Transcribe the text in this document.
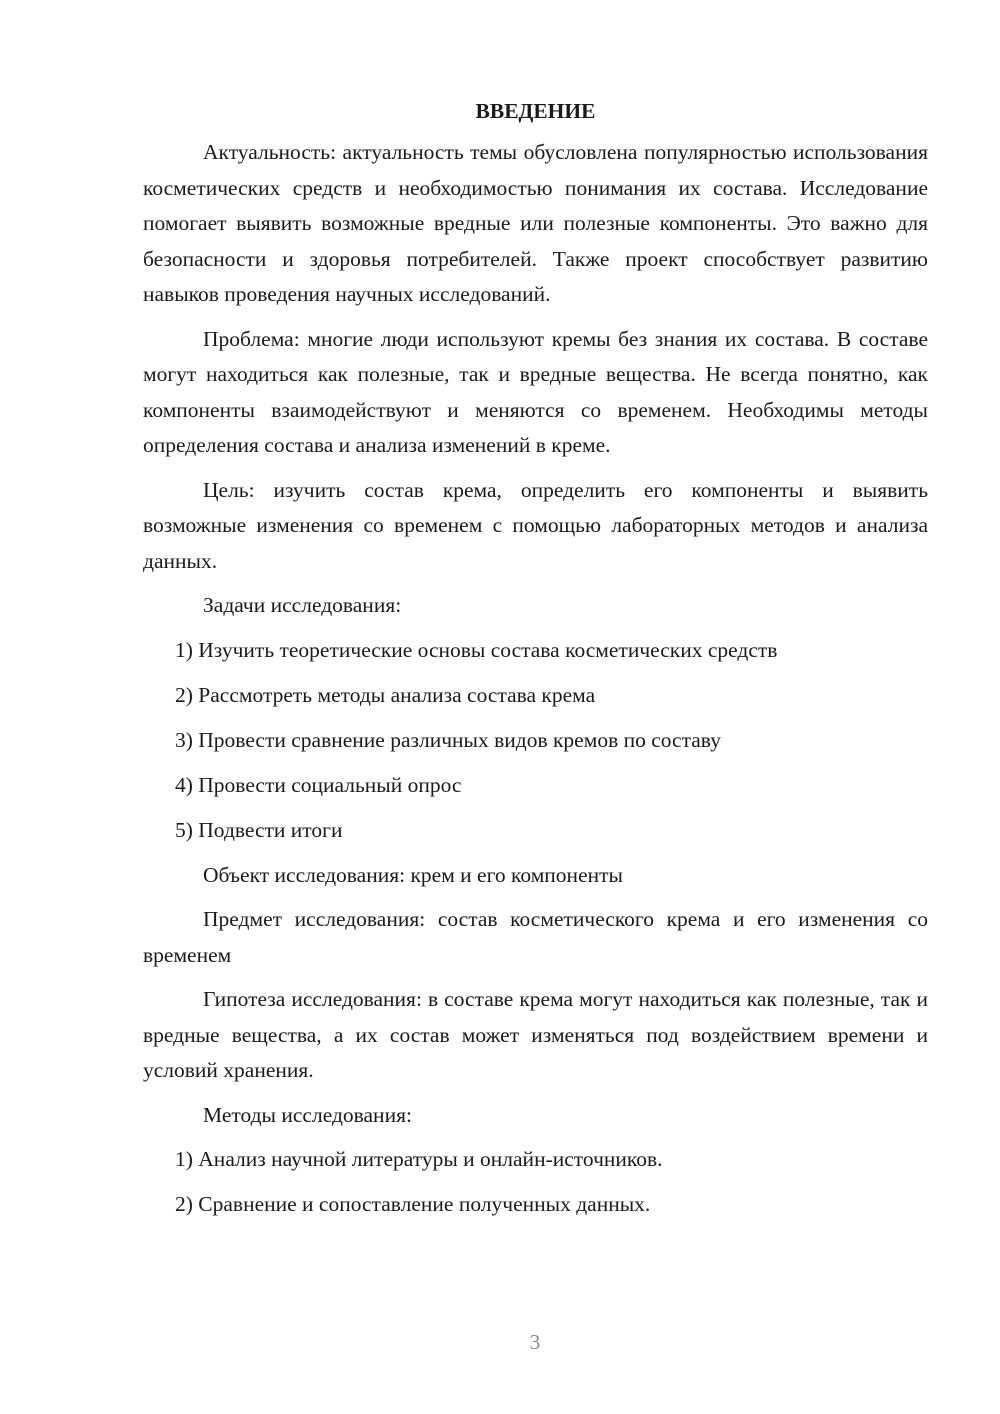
ВВЕДЕНИЕ

Актуальность: актуальность темы обусловлена популярностью использования косметических средств и необходимостью понимания их состава. Исследование помогает выявить возможные вредные или полезные компоненты. Это важно для безопасности и здоровья потребителей. Также проект способствует развитию навыков проведения научных исследований.

Проблема: многие люди используют кремы без знания их состава. В составе могут находиться как полезные, так и вредные вещества. Не всегда понятно, как компоненты взаимодействуют и меняются со временем. Необходимы методы определения состава и анализа изменений в креме.

Цель: изучить состав крема, определить его компоненты и выявить возможные изменения со временем с помощью лабораторных методов и анализа данных.

Задачи исследования:

1) Изучить теоретические основы состава косметических средств
2) Рассмотреть методы анализа состава крема
3) Провести сравнение различных видов кремов по составу
4) Провести социальный опрос
5) Подвести итоги

Объект исследования: крем и его компоненты

Предмет исследования: состав косметического крема и его изменения со временем

Гипотеза исследования: в составе крема могут находиться как полезные, так и вредные вещества, а их состав может изменяться под воздействием времени и условий хранения.

Методы исследования:

1) Анализ научной литературы и онлайн-источников.
2) Сравнение и сопоставление полученных данных.
3
